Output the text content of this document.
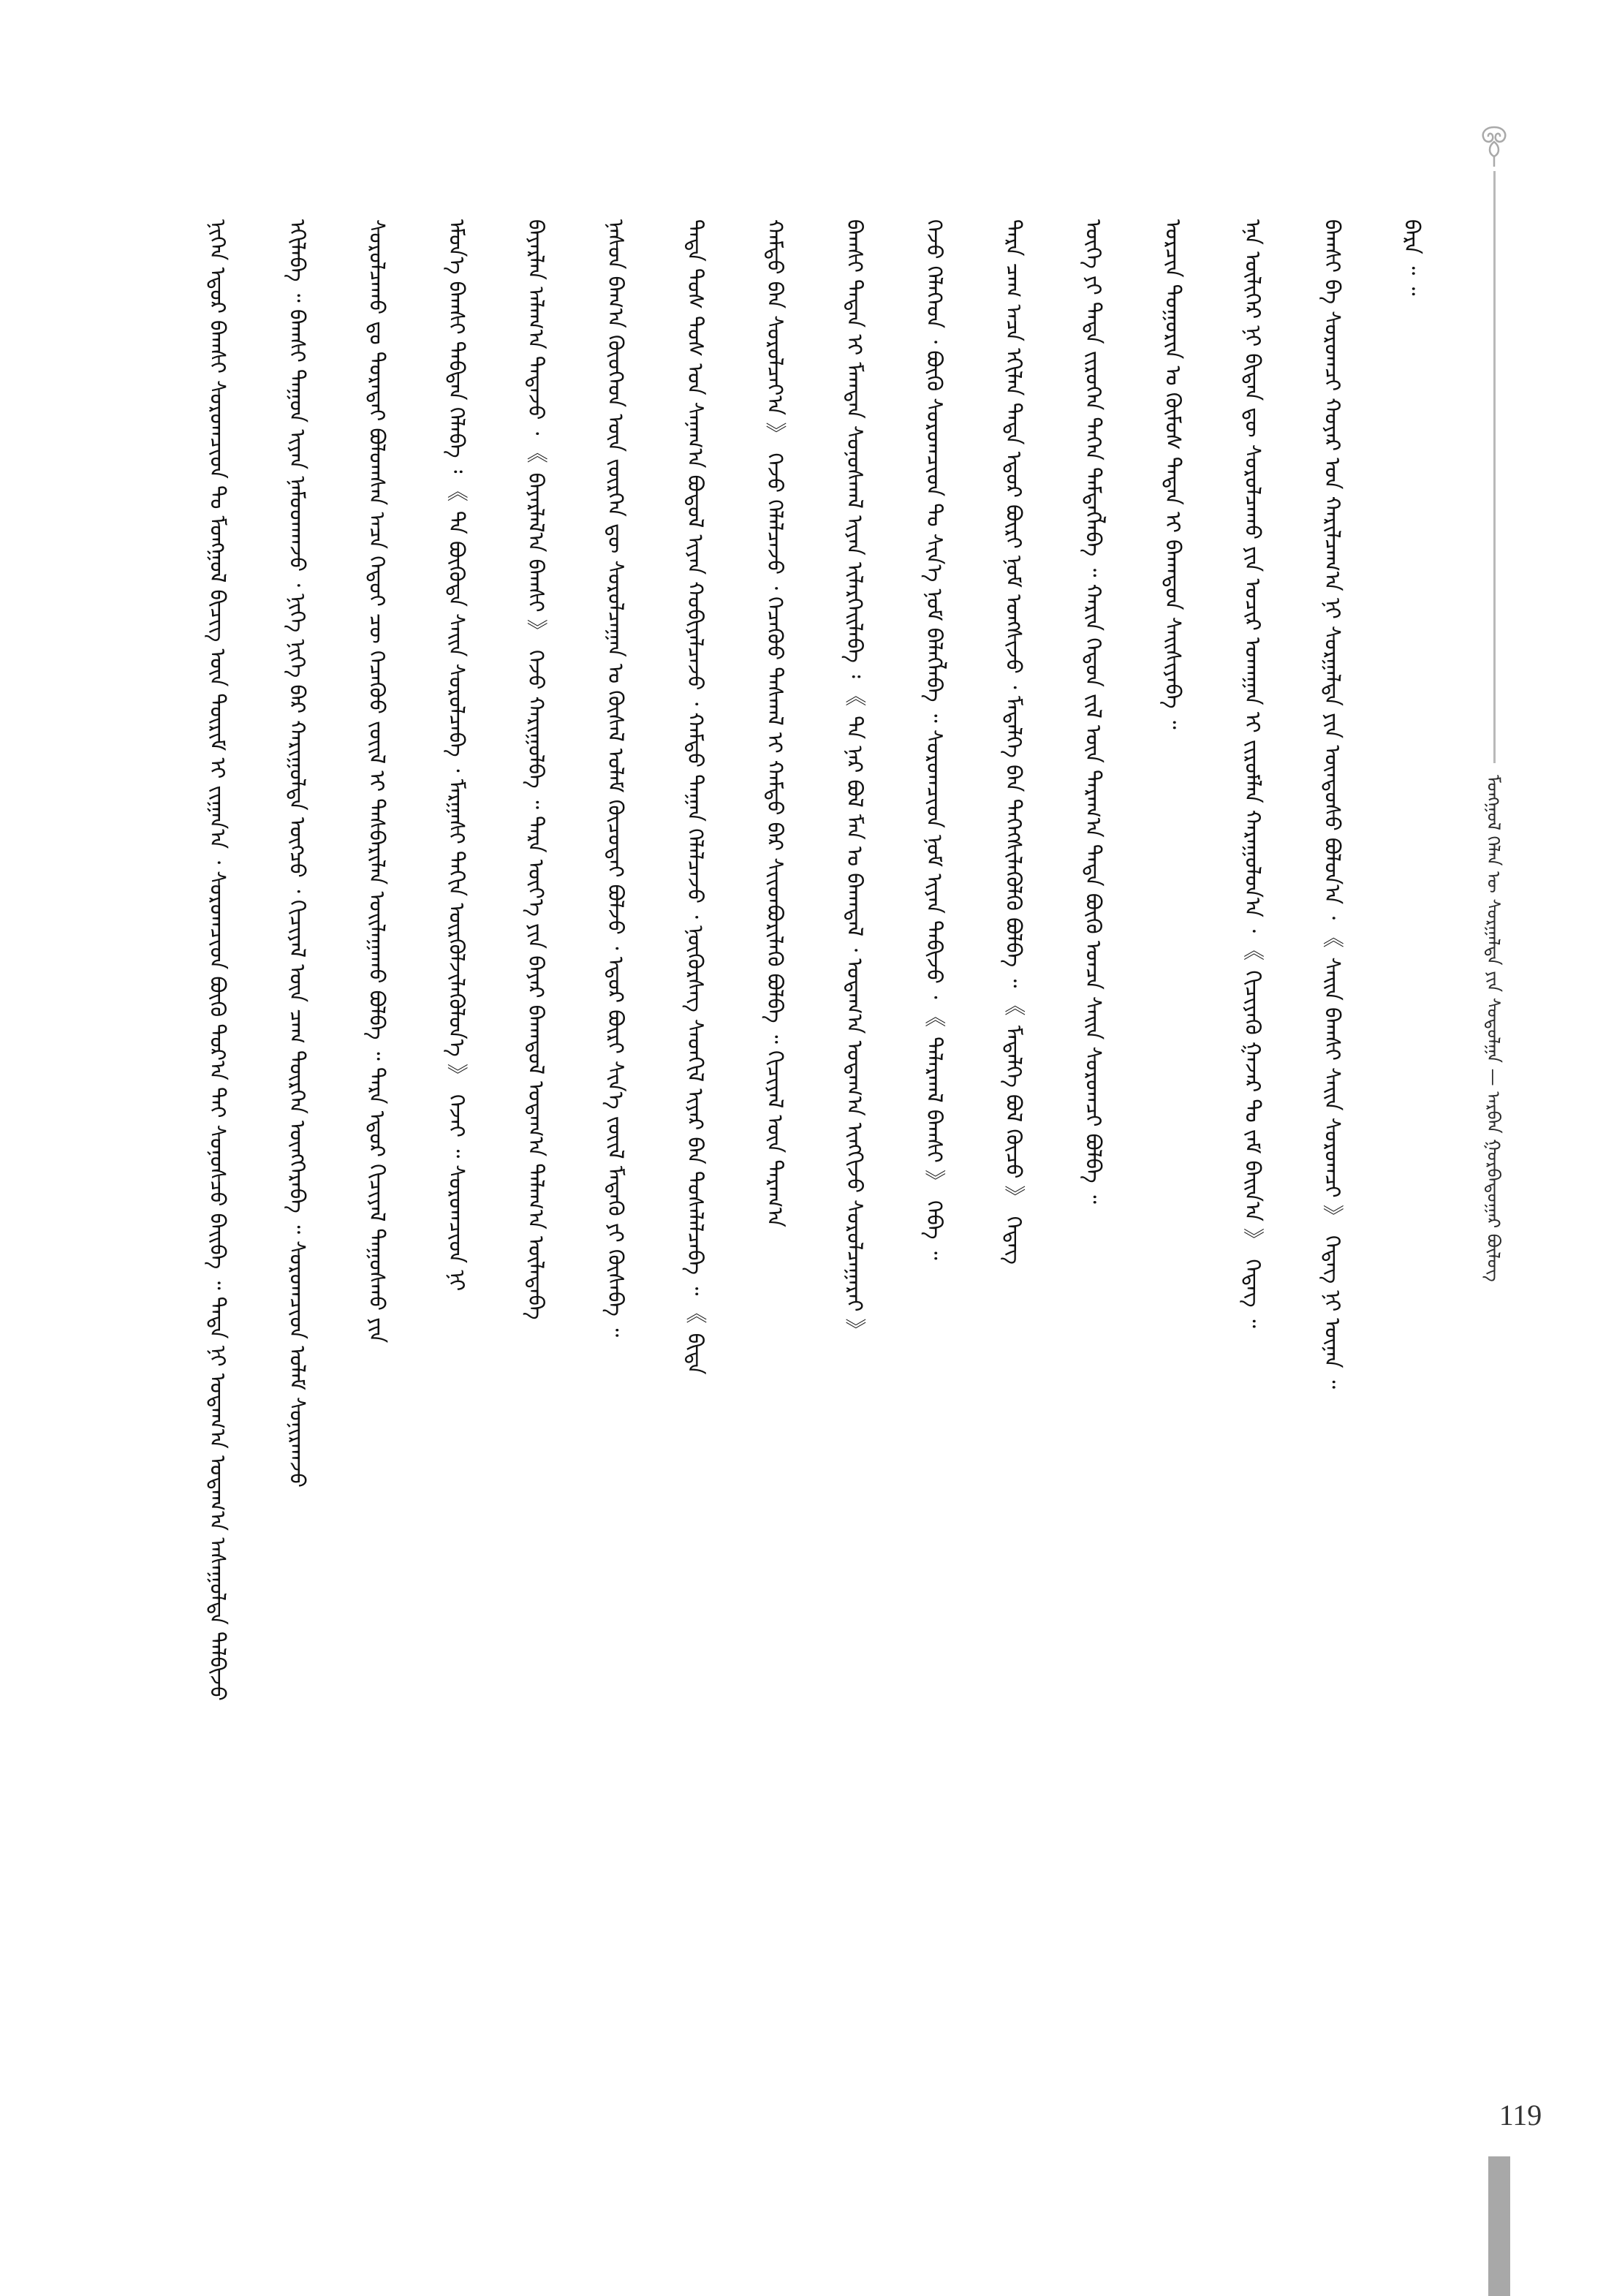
ᠮᠣᠩᠭᠣᠯ ᠬᠡᠯᠡᠨ ᠦ ᠰᠤᠷᠭᠠᠯᠲᠠ ᠶᠢᠨ ᠰᠤᠳᠤᠯᠭᠠ — ᠠᠷᠪᠠᠨ ᠭᠤᠷᠪᠠᠳᠤᠭᠠᠷ ᠪᠦᠯᠦᠭ
ᠨᠢᠭᠡᠨ ᠡᠳᠦᠷ ᠪᠠᠭᠰᠢ ᠰᠤᠷᠤᠭᠴᠢᠳ ᠲᠤ ᠮᠣᠩᠭᠣᠯ ᠪᠢᠴᠢᠭ ᠦᠨ ᠳᠦᠷᠢᠮ ᠢ ᠵᠢᠭᠠᠨ᠎ᠠ ᠂ ᠰᠤᠷᠤᠭᠴᠢᠳ ᠪᠦᠬᠦ ᠳᠤᠷ᠎ᠠ ᠲᠠᠢ ᠰᠣᠨᠣᠰᠴᠤ ᠪᠠᠢᠪᠠ ᠃ ᠲᠡᠳᠡ ᠨᠢ ᠤᠳᠠᠭ᠎ᠠ ᠤᠳᠠᠭ᠎ᠠ ᠠᠰᠠᠭᠤᠯᠲᠠ ᠲᠠᠯᠪᠢᠵᠤ	ᠡᠬᠢᠯᠡᠪᠡ ᠃ ᠪᠠᠭᠰᠢ ᠳᠠᠭᠤᠨ ᠢᠶᠠᠨ ᠨᠠᠮᠤᠳᠬᠠᠵᠤ ᠂ ᠨᠢᠭᠡ ᠨᠢᠭᠡ ᠪᠡᠷ ᠬᠠᠷᠢᠭᠤᠯᠲᠠ ᠥᠭᠴᠦ ᠂ ᠬᠢᠴᠢᠶᠡᠯ ᠦᠨ ᠴᠠᠭ ᠲᠦᠷᠭᠡᠨ ᠥᠩᠭᠡᠷᠡᠪᠡ ᠃ ᠰᠤᠷᠤᠭᠴᠢᠳ ᠤᠯᠠᠮ ᠰᠣᠨᠢᠷᠬᠠᠵᠤ	ᠰᠤᠷᠤᠯᠴᠠᠬᠤ ᠳᠤ ᠳᠤᠷᠠᠲᠠᠢ ᠪᠣᠯᠤᠭᠰᠠᠨ ᠠᠴᠠ ᠬᠡᠳᠦᠢ ᠴᠦ ᠬᠡᠴᠡᠭᠦᠦ ᠵᠦᠢᠯ ᠢ ᠲᠡᠰᠪᠡᠷᠢᠯᠡᠨ ᠣᠢᠯᠠᠭᠠᠬᠤ ᠪᠣᠯᠪᠠ ᠃ ᠲᠡᠷᠡ ᠡᠳᠦᠷ ᠬᠢᠴᠢᠶᠡᠯ ᠳᠠᠭᠤᠰᠬᠤ ᠶᠢᠨ	ᠡᠮᠦᠨ᠎ᠡ ᠪᠠᠭᠰᠢ ᠳᠠᠪᠲᠠᠨ ᠬᠡᠯᠡᠪᠡ ᠄ 《 ᠲᠠ ᠪᠦᠬᠦᠳᠡ ᠰᠠᠢᠨ ᠰᠤᠷᠤᠯᠴᠠᠪᠠ ᠂ ᠮᠠᠷᠭᠠᠰᠢ ᠳᠠᠬᠢᠨ ᠦᠷᠭᠦᠯᠵᠢᠯᠡᠭᠦᠯᠦᠨ᠎ᠡ 》 ᠭᠡᠵᠡᠢ ᠃ ᠰᠤᠷᠤᠭᠴᠢᠳ ᠨᠢ	ᠪᠠᠶᠠᠷᠯᠠᠨ ᠠᠯᠠᠭ᠎ᠠ ᠲᠠᠲᠠᠵᠤ ᠂ 《 ᠪᠠᠶᠠᠷᠯᠠᠯ᠎ᠠ ᠪᠠᠭᠰᠢ 》 ᠭᠡᠵᠦ ᠬᠠᠷᠢᠭᠤᠯᠪᠠ ᠃ ᠲᠡᠷᠡ ᠦᠶ᠎ᠡ ᠶᠢᠨ ᠪᠠᠶᠠᠷ ᠪᠠᠬᠠᠳᠤᠯ ᠤᠳᠠᠭ᠎ᠠ ᠲᠠᠯᠠᠭ᠎ᠠ ᠦᠯᠡᠳᠡᠪᠡ	ᠨᠠᠰᠤᠨ ᠪᠠᠭ᠎ᠠ ᠬᠦᠦᠬᠡᠳ ᠦᠨ ᠵᠦᠷᠬᠡᠨ ᠳᠦ ᠰᠤᠷᠤᠯᠴᠠᠭᠠᠨ ᠤ ᠬᠦᠰᠡᠯ ᠤᠯᠠᠮ ᠬᠦᠴᠦᠲᠡᠢ ᠪᠣᠯᠵᠤ ᠂ ᠡᠳᠦᠷ ᠪᠦᠷᠢ ᠰᠢᠨ᠎ᠡ ᠵᠦᠢᠯ ᠮᠡᠳᠡᠬᠦ ᠶᠢ ᠬᠦᠰᠡᠪᠡ ᠃	ᠲᠡᠳᠡ ᠲᠤᠰ ᠲᠤᠰ ᠤᠨ ᠰᠠᠨᠠᠭ᠎ᠠ ᠪᠣᠳᠤᠯ ᠢᠶᠠᠨ ᠬᠤᠪᠢᠶᠠᠯᠴᠠᠵᠤ ᠂ ᠬᠠᠮᠲᠤ ᠳᠠᠭᠠᠨ ᠬᠡᠯᠡᠯᠴᠡᠵᠦ ᠂ ᠨᠥᠬᠦᠷᠰᠡᠭ ᠰᠡᠳᠭᠢᠯ ᠢᠶᠡᠷ ᠪᠡᠨ ᠲᠤᠰᠠᠯᠠᠯᠴᠠᠪᠠ ᠃ 《 ᠪᠢᠳᠡ	ᠬᠠᠮᠲᠤ ᠪᠠᠨ ᠰᠤᠷᠤᠯᠴᠠᠶ᠎ᠠ 》 ᠭᠡᠵᠦ ᠬᠡᠯᠡᠯᠴᠡᠵᠦ ᠂ ᠬᠡᠴᠡᠭᠦᠦ ᠳᠠᠰᠬᠠᠯ ᠢ ᠬᠠᠮᠲᠤ ᠪᠠᠷ ᠰᠢᠢᠳᠪᠦᠷᠢᠯᠡᠬᠦ ᠪᠣᠯᠪᠠ ᠃ ᠬᠢᠴᠢᠶᠡᠯ ᠦᠨ ᠳᠠᠷᠠᠭ᠎ᠠ	ᠪᠠᠭᠰᠢ ᠲᠡᠳᠡᠨ ᠢ ᠮᠠᠭᠲᠠᠨ ᠰᠣᠨᠣᠰᠬᠠᠯ ᠢᠶᠠᠨ ᠢᠯᠡᠷᠬᠡᠢᠯᠡᠪᠡ ᠄ 《 ᠲᠠ ᠨᠠᠷ ᠪᠣᠯ ᠮᠠᠨ ᠤ ᠪᠠᠬᠠᠳᠠᠯ ᠂ ᠤᠳᠠᠭ᠎ᠠ ᠤᠳᠠᠭ᠎ᠠ ᠢᠩᠭᠢᠵᠦ ᠰᠤᠷᠤᠯᠴᠠᠭᠠᠷᠠᠢ 》	ᠭᠡᠵᠦ ᠬᠡᠯᠡᠭᠡᠳ ᠂ ᠪᠦᠬᠦ ᠰᠤᠷᠤᠭᠴᠢᠳ ᠲᠤ ᠰᠢᠨ᠎ᠡ ᠨᠣᠮ ᠪᠡᠯᠡᠭᠯᠡᠪᠡ ᠃ ᠰᠤᠷᠤᠭᠴᠢᠳ ᠨᠣᠮ ᠢᠶᠠᠨ ᠳᠡᠪᠢᠵᠦ ᠂ 《 ᠲᠠᠯᠠᠷᠬᠠᠯ ᠪᠠᠭᠰᠢ 》 ᠭᠡᠪᠡ ᠃	ᠲᠡᠷᠡ ᠴᠠᠭ ᠠᠴᠠ ᠡᠬᠢᠯᠡᠨ ᠲᠡᠳᠡ ᠡᠳᠦᠷ ᠪᠦᠷᠢ ᠨᠣᠮ ᠤᠩᠰᠢᠵᠤ ᠂ ᠮᠡᠳᠡᠯᠭᠡ ᠪᠠᠨ ᠳᠡᠭᠡᠭᠰᠢᠯᠡᠭᠦᠯᠬᠦ ᠪᠣᠯᠪᠠ ᠃ 《 ᠮᠡᠳᠡᠯᠭᠡ ᠪᠣᠯ ᠬᠦᠴᠦ 》 ᠭᠡᠳᠡᠭ	ᠦᠭᠡ ᠶᠢ ᠲᠡᠳᠡ ᠵᠢᠷᠦᠬᠡᠨ ᠳᠡᠭᠡᠨ ᠲᠡᠮᠳᠡᠭᠯᠡᠪᠡ ᠃ ᠬᠠᠷᠢᠨ ᠬᠡᠳᠦᠨ ᠵᠢᠯ ᠦᠨ ᠳᠠᠷᠠᠭ᠎ᠠ ᠲᠡᠳᠡ ᠪᠦᠬᠦ ᠣᠨᠴᠠ ᠰᠠᠢᠨ ᠰᠤᠷᠤᠭᠴᠢ ᠪᠣᠯᠪᠠ ᠃	ᠣᠷᠴᠢᠨ ᠲᠣᠭᠣᠷᠢᠨ ᠤ ᠬᠦᠮᠦᠰ ᠲᠡᠳᠡᠨ ᠢ ᠪᠠᠬᠠᠳᠤᠨ ᠰᠠᠢᠰᠢᠶᠠᠪᠠ ᠃	ᠡᠨᠡ ᠦᠯᠢᠭᠡᠷ ᠨᠢ ᠪᠢᠳᠡᠨ ᠳᠦ ᠰᠤᠷᠤᠯᠴᠠᠬᠤ ᠶᠢᠨ ᠤᠴᠢᠷ ᠤᠬᠠᠭᠠᠨ ᠢ ᠵᠢᠷᠤᠮᠯᠠᠨ ᠬᠠᠷᠠᠭᠤᠯᠤᠨ᠎ᠠ ᠂ 《 ᠬᠢᠴᠢᠶᠡᠬᠦ ᠭᠠᠵᠠᠷ ᠲᠤ ᠵᠠᠮ ᠪᠠᠢᠨ᠎ᠠ 》 ᠭᠡᠳᠡᠭ ᠃	ᠪᠠᠭᠰᠢ ᠪᠠ ᠰᠤᠷᠤᠭᠴᠢ ᠬᠣᠶᠠᠷ ᠤᠨ ᠬᠠᠷᠢᠯᠴᠠᠭ᠎ᠠ ᠨᠢ ᠰᠤᠷᠭᠠᠯᠲᠠ ᠶᠢᠨ ᠦᠨᠳᠦᠰᠦ ᠪᠣᠯᠤᠨ᠎ᠠ ᠂ 《 ᠰᠠᠢᠨ ᠪᠠᠭᠰᠢ ᠰᠠᠢᠨ ᠰᠤᠷᠤᠭᠴᠢ 》 ᠭᠡᠳᠡᠭ ᠨᠢ ᠦᠨᠡᠨ ᠃	ᠪᠠᠷᠠ ᠃ ᠃
119
